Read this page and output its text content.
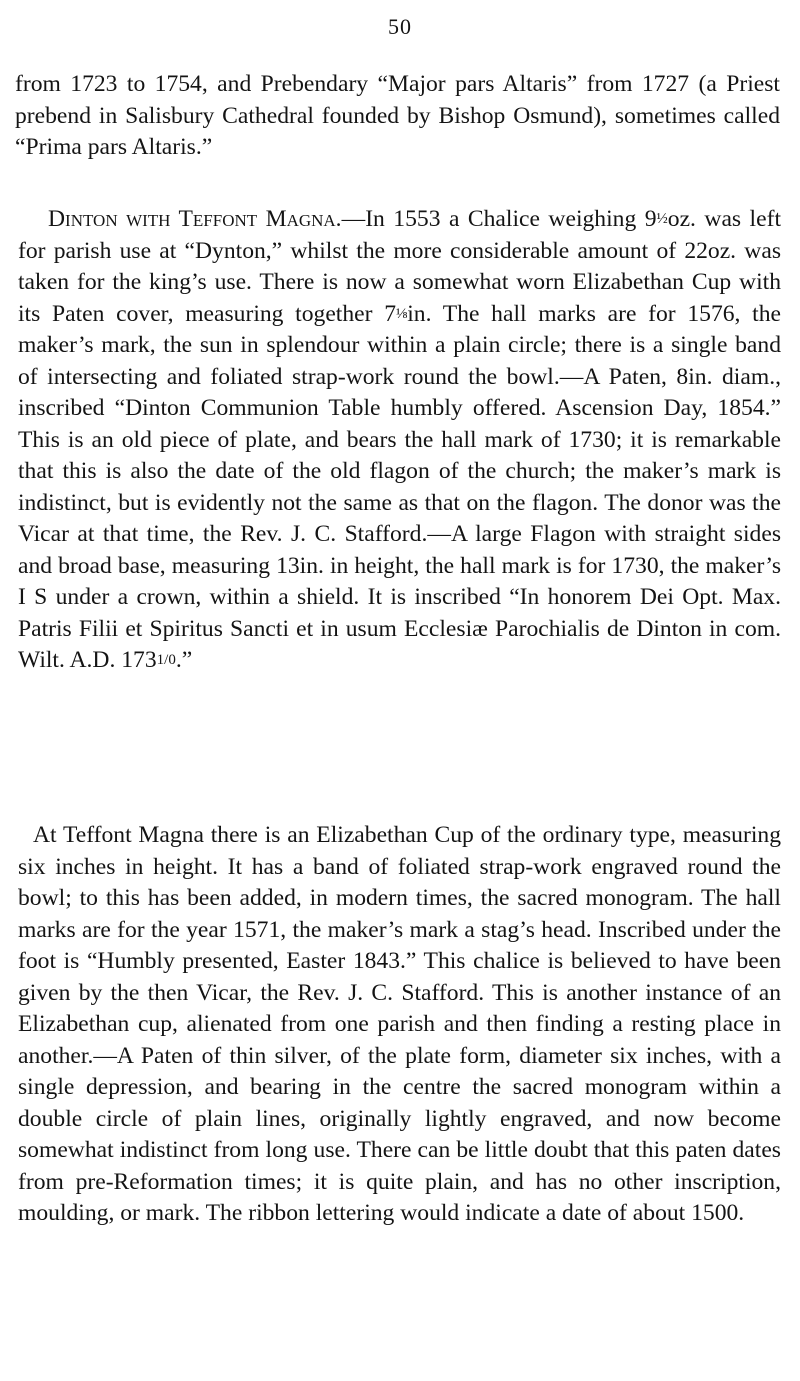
50

from 1723 to 1754, and Prebendary “Major pars Altaris” from 1727 (a Priest prebend in Salisbury Cathedral founded by Bishop Osmund), sometimes called “Prima pars Altaris.”

Dinton with Teffont Magna.—In 1553 a Chalice weighing 9½oz. was left for parish use at “Dynton,” whilst the more considerable amount of 22oz. was taken for the king’s use. There is now a somewhat worn Elizabethan Cup with its Paten cover, measuring together 7⅛in. The hall marks are for 1576, the maker’s mark, the sun in splendour within a plain circle; there is a single band of intersecting and foliated strap-work round the bowl.—A Paten, 8in. diam., inscribed “Dinton Communion Table humbly offered. Ascension Day, 1854.” This is an old piece of plate, and bears the hall mark of 1730; it is remarkable that this is also the date of the old flagon of the church; the maker’s mark is indistinct, but is evidently not the same as that on the flagon. The donor was the Vicar at that time, the Rev. J. C. Stafford.—A large Flagon with straight sides and broad base, measuring 13in. in height, the hall mark is for 1730, the maker’s I S under a crown, within a shield. It is inscribed “In honorem Dei Opt. Max. Patris Filii et Spiritus Sancti et in usum Ecclesiæ Parochialis de Dinton in com. Wilt. A.D. 1731/0.”

At Teffont Magna there is an Elizabethan Cup of the ordinary type, measuring six inches in height. It has a band of foliated strap-work engraved round the bowl; to this has been added, in modern times, the sacred monogram. The hall marks are for the year 1571, the maker’s mark a stag’s head. Inscribed under the foot is “Humbly presented, Easter 1843.” This chalice is believed to have been given by the then Vicar, the Rev. J. C. Stafford. This is another instance of an Elizabethan cup, alienated from one parish and then finding a resting place in another.—A Paten of thin silver, of the plate form, diameter six inches, with a single depression, and bearing in the centre the sacred monogram within a double circle of plain lines, originally lightly engraved, and now become somewhat indistinct from long use. There can be little doubt that this paten dates from pre-Reformation times; it is quite plain, and has no other inscription, moulding, or mark. The ribbon lettering would indicate a date of about 1500.
